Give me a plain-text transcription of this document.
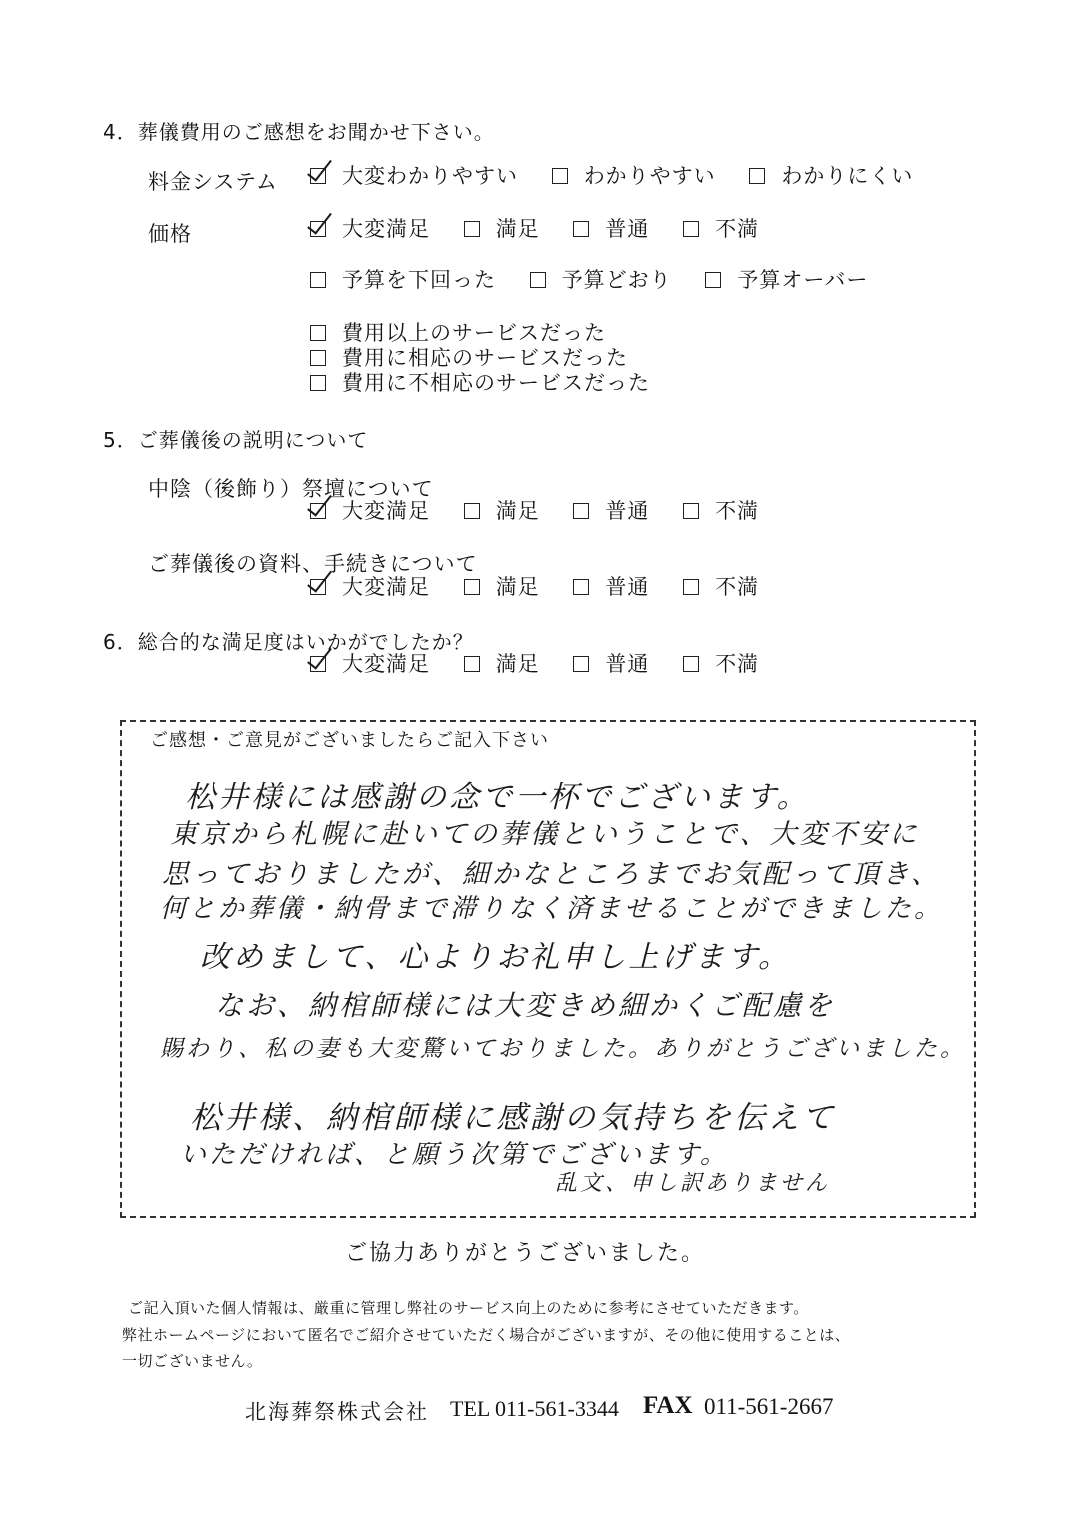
4．葬儀費用のご感想をお聞かせ下さい。
料金システム	大変わかりやすい	わかりやすい	わかりにくい
価格	大変満足	満足	普通	不満
予算を下回った	予算どおり	予算オーバー
費用以上のサービスだった
費用に相応のサービスだった
費用に不相応のサービスだった
5．ご葬儀後の説明について
中陰（後飾り）祭壇について
大変満足	満足	普通	不満
ご葬儀後の資料、手続きについて
大変満足	満足	普通	不満
6．総合的な満足度はいかがでしたか？
大変満足	満足	普通	不満
ご感想・ご意見がございましたらご記入下さい
松井様には感謝の念で一杯でございます。
東京から札幌に赴いての葬儀ということで、大変不安に
思っておりましたが、細かなところまでお気配って頂き、
何とか葬儀・納骨まで滞りなく済ませることができました。
改めまして、心よりお礼申し上げます。
なお、納棺師様には大変きめ細かくご配慮を
賜わり、私の妻も大変驚いておりました。ありがとうございました。
松井様、納棺師様に感謝の気持ちを伝えて
いただければ、と願う次第でございます。
乱文、申し訳ありません
ご協力ありがとうございました。
ご記入頂いた個人情報は、厳重に管理し弊社のサービス向上のために参考にさせていただきます。
弊社ホームページにおいて匿名でご紹介させていただく場合がございますが、その他に使用することは、
一切ございません。
北海葬祭株式会社 TEL 011-561-3344 FAX 011-561-2667
